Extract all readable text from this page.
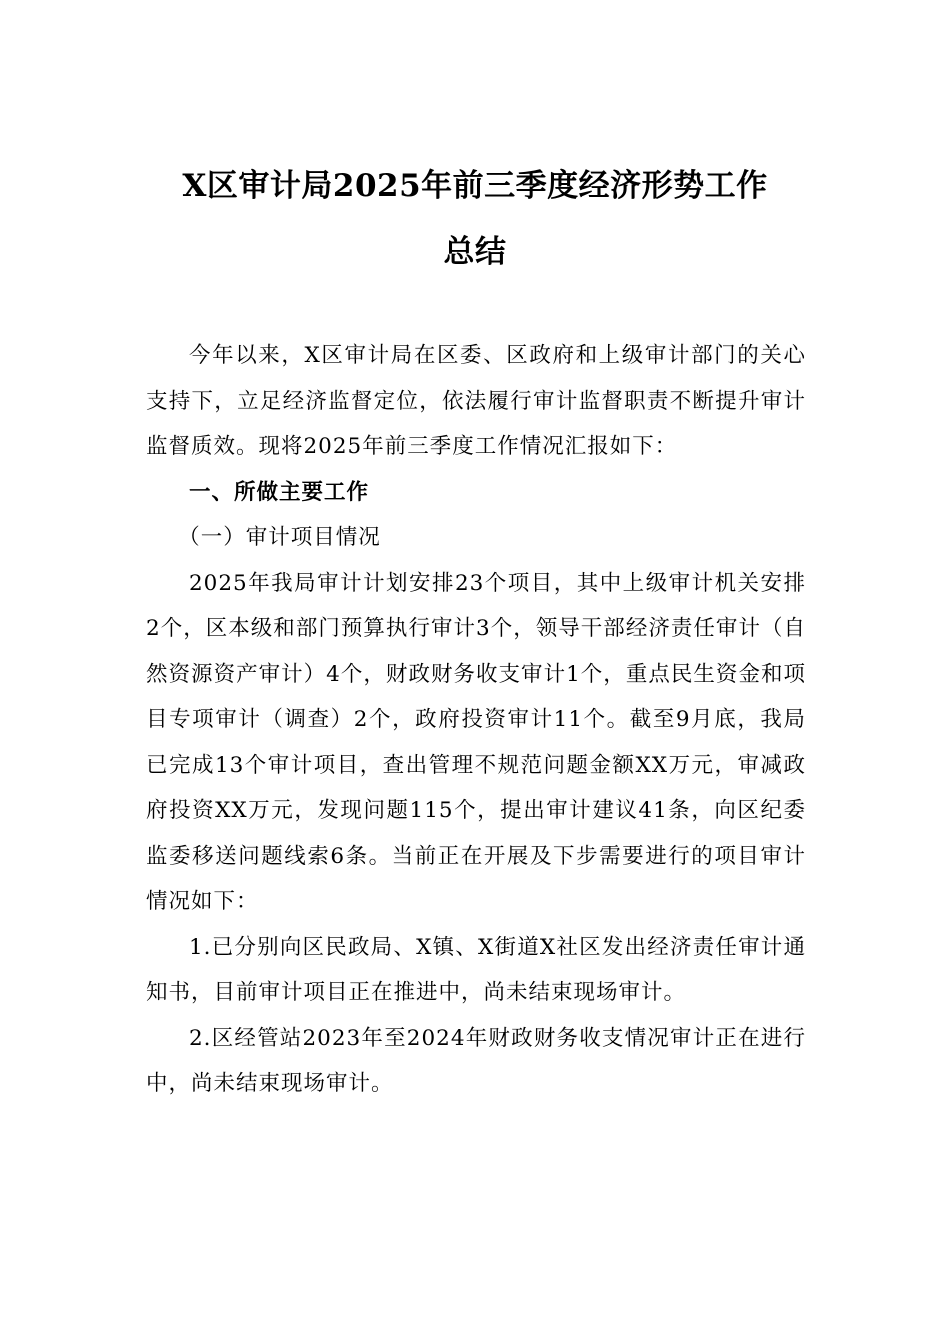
X区审计局2025年前三季度经济形势工作
总结

今年以来，X区审计局在区委、区政府和上级审计部门的关心支持下，立足经济监督定位，依法履行审计监督职责不断提升审计监督质效。现将2025年前三季度工作情况汇报如下：

一、所做主要工作

（一）审计项目情况

2025年我局审计计划安排23个项目，其中上级审计机关安排2个，区本级和部门预算执行审计3个，领导干部经济责任审计（自然资源资产审计）4个，财政财务收支审计1个，重点民生资金和项目专项审计（调查）2个，政府投资审计11个。截至9月底，我局已完成13个审计项目，查出管理不规范问题金额XX万元，审减政府投资XX万元，发现问题115个，提出审计建议41条，向区纪委监委移送问题线索6条。当前正在开展及下步需要进行的项目审计情况如下：

1.已分别向区民政局、X镇、X街道X社区发出经济责任审计通知书，目前审计项目正在推进中，尚未结束现场审计。

2.区经管站2023年至2024年财政财务收支情况审计正在进行中，尚未结束现场审计。
